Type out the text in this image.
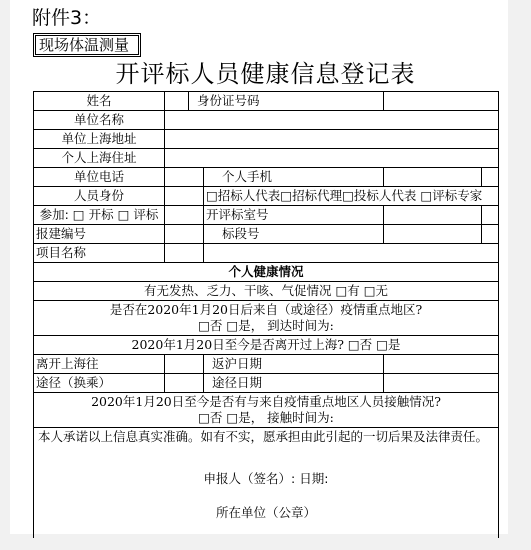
附件3：
现场体温测量
开评标人员健康信息登记表
姓名		身份证号码			
单位名称					
单位上海地址					
个人上海住址					
单位电话			个人手机		
人员身份			□招标人代表□招标代理□投标人代表 □评标专家		
参加: □ 开标 □ 评标			开评标室号		
报建编号			标段号		
项目名称					
个人健康情况					
有无发热、乏力、干咳、气促情况 □有 □无					

是否在2020年1月20日后来自（或途径）疫情重点地区?
□否 □是， 到达时间为:					

2020年1月20日至今是否离开过上海? □否 □是					
离开上海往			返沪日期		
途径（换乘）			途径日期		

2020年1月20日至今是否有与来自疫情重点地区人员接触情况?
□否 □是， 接触时间为:					

本人承诺以上信息真实准确。如有不实，愿承担由此引起的一切后果及法律责任。
申报人（签名）: 日期:
所在单位（公章）					
